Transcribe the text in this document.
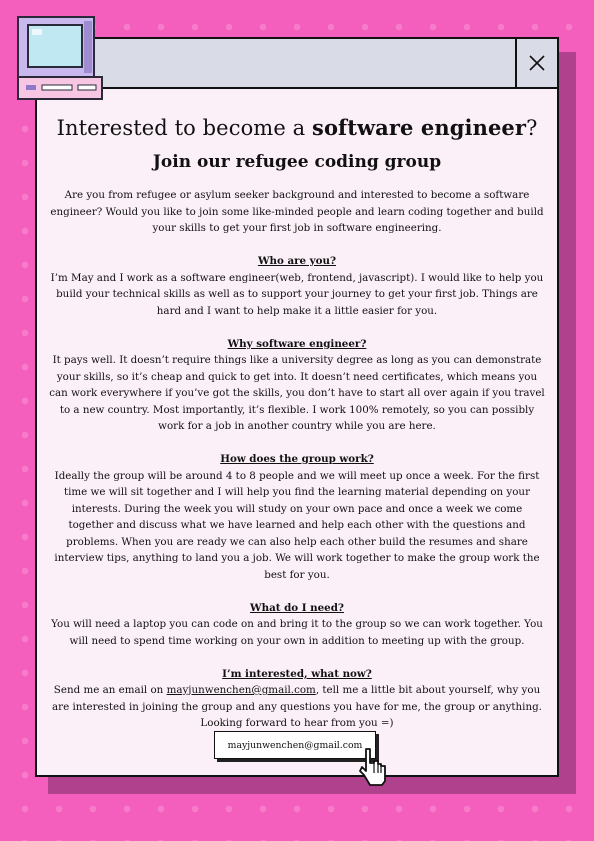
Interested to become a software engineer?
Join our refugee coding group

Are you from refugee or asylum seeker background and interested to become a software engineer? Would you like to join some like-minded people and learn coding together and build your skills to get your first job in software engineering.

Who are you?

I’m May and I work as a software engineer(web, frontend, javascript). I would like to help you build your technical skills as well as to support your journey to get your first job. Things are hard and I want to help make it a little easier for you.

Why software engineer?

It pays well. It doesn’t require things like a university degree as long as you can demonstrate your skills, so it’s cheap and quick to get into. It doesn’t need certificates, which means you can work everywhere if you’ve got the skills, you don’t have to start all over again if you travel to a new country. Most importantly, it’s flexible. I work 100% remotely, so you can possibly work for a job in another country while you are here.

How does the group work?

Ideally the group will be around 4 to 8 people and we will meet up once a week. For the first time we will sit together and I will help you find the learning material depending on your interests. During the week you will study on your own pace and once a week we come together and discuss what we have learned and help each other with the questions and problems. When you are ready we can also help each other build the resumes and share interview tips, anything to land you a job. We will work together to make the group work the best for you.

What do I need?

You will need a laptop you can code on and bring it to the group so we can work together. You will need to spend time working on your own in addition to meeting up with the group.

I’m interested, what now?

Send me an email on mayjunwenchen@gmail.com, tell me a little bit about yourself, why you are interested in joining the group and any questions you have for me, the group or anything. Looking forward to hear from you =)

mayjunwenchen@gmail.com
